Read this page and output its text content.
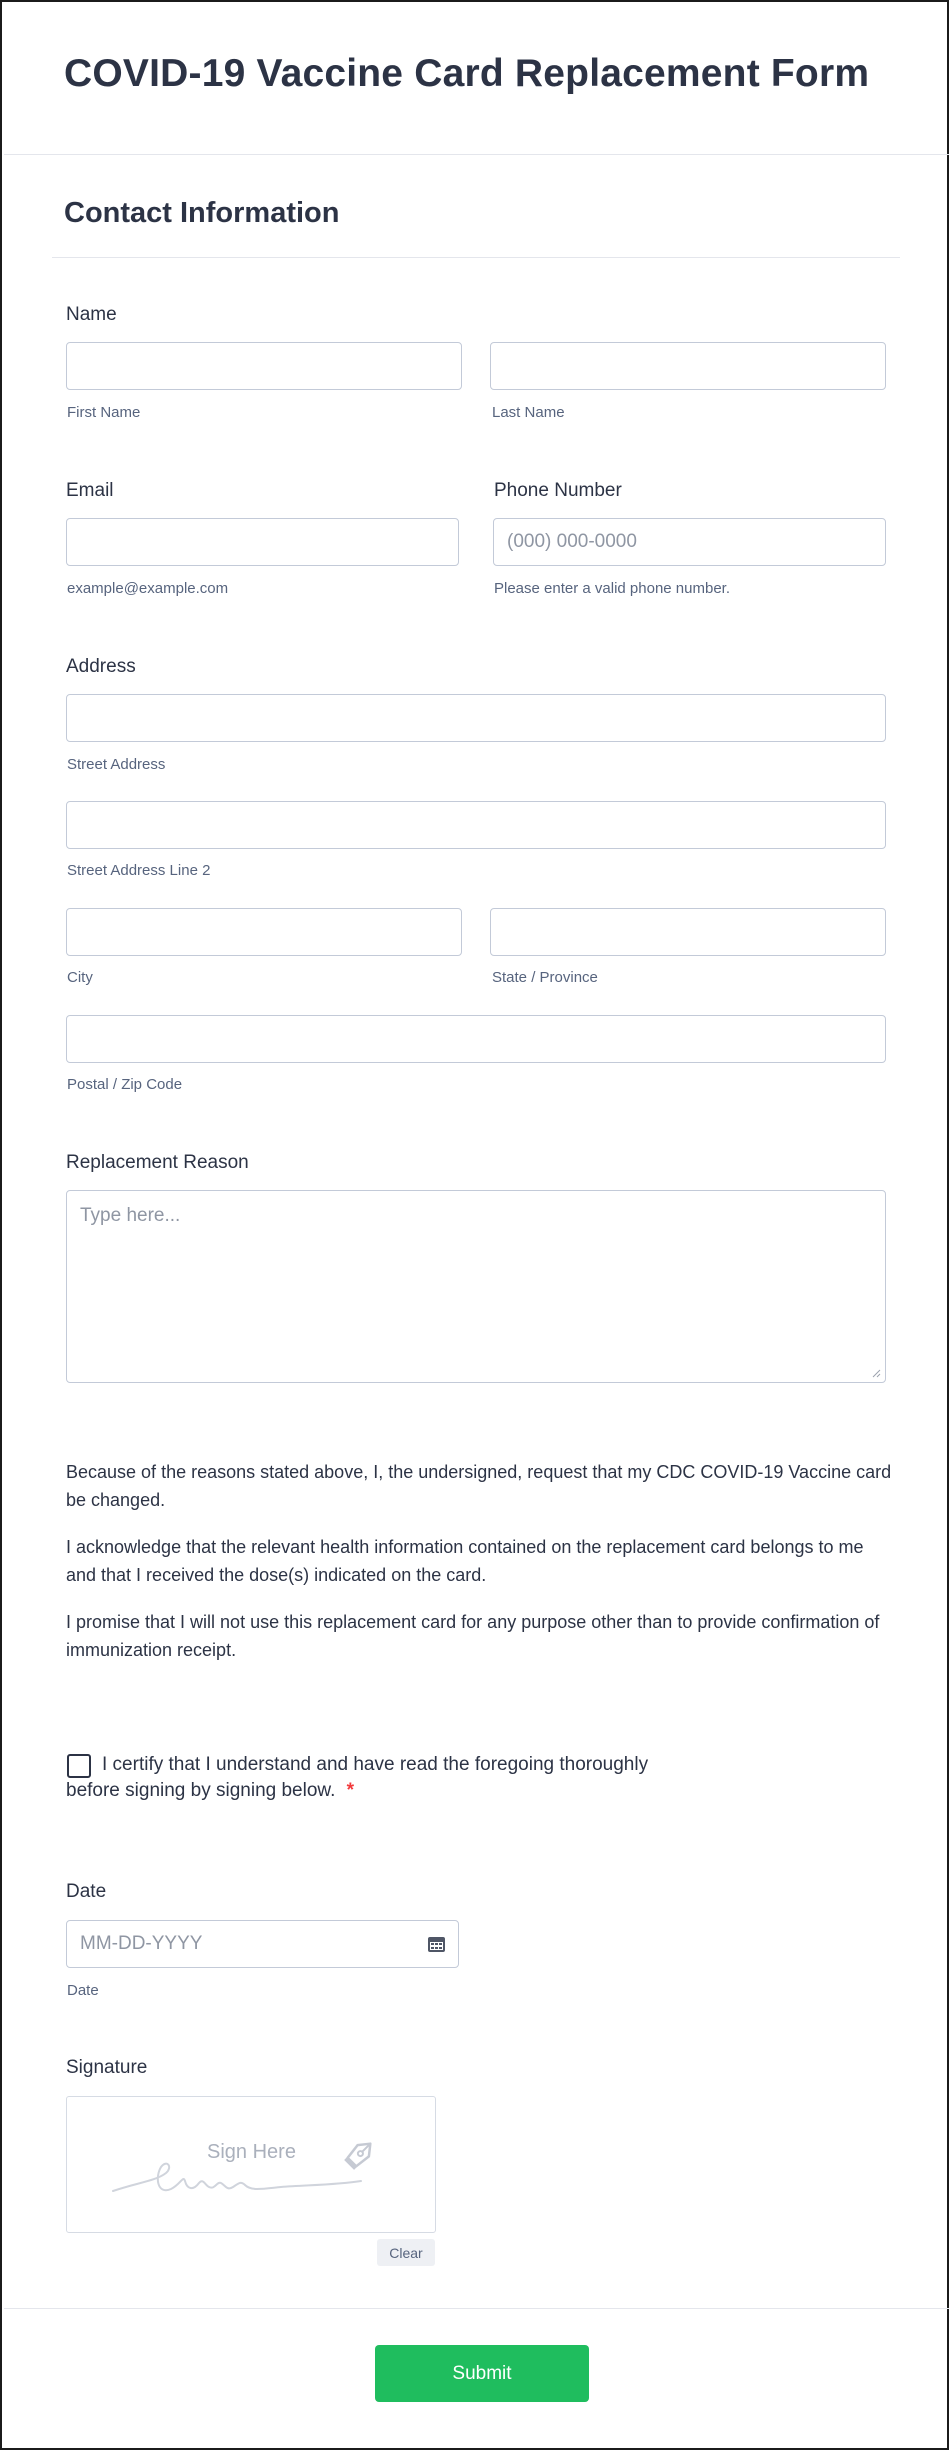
COVID-19 Vaccine Card Replacement Form
Contact Information
Name
First Name	Last Name
Email
example@example.com
Phone Number
(000) 000-0000
Please enter a valid phone number.
Address
Street Address
Street Address Line 2
City	State / Province
Postal / Zip Code
Replacement Reason
Type here...
Because of the reasons stated above, I, the undersigned, request that my CDC COVID-19 Vaccine card be changed.
I acknowledge that the relevant health information contained on the replacement card belongs to me and that I received the dose(s) indicated on the card.
I promise that I will not use this replacement card for any purpose other than to provide confirmation of immunization receipt.
I certify that I understand and have read the foregoing thoroughly
before signing by signing below. *
Date
MM-DD-YYYY
Date
Signature
Sign Here
Clear
Submit
